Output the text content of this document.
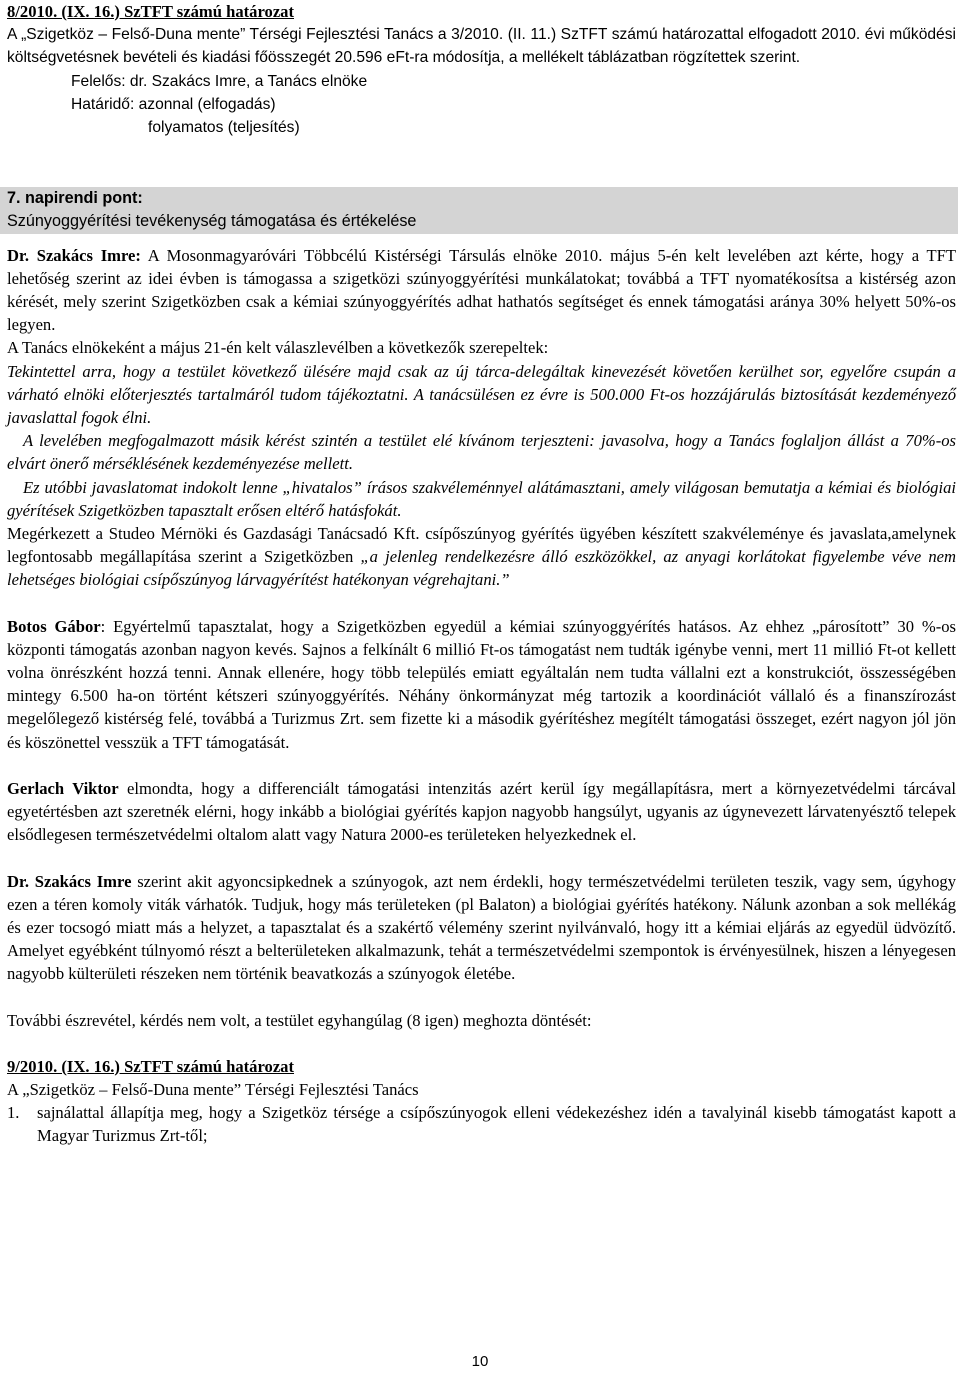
8/2010. (IX. 16.) SzTFT számú határozat

A „Szigetköz – Felső-Duna mente” Térségi Fejlesztési Tanács a 3/2010. (II. 11.) SzTFT számú határozattal elfogadott 2010. évi működési költségvetésnek bevételi és kiadási főösszegét 20.596 eFt-ra módosítja, a mellékelt táblázatban rögzítettek szerint.

Felelős: dr. Szakács Imre, a Tanács elnöke

Határidő: azonnal (elfogadás)

folyamatos (teljesítés)

7. napirendi pont:

Szúnyoggyérítési tevékenység támogatása és értékelése

Dr. Szakács Imre: A Mosonmagyaróvári Többcélú Kistérségi Társulás elnöke 2010. május 5-én kelt levelében azt kérte, hogy a TFT lehetőség szerint az idei évben is támogassa a szigetközi szúnyoggyérítési munkálatokat; továbbá a TFT nyomatékosítsa a kistérség azon kérését, mely szerint Szigetközben csak a kémiai szúnyoggyérítés adhat hathatós segítséget és ennek támogatási aránya 30% helyett 50%-os legyen.

A Tanács elnökeként a május 21-én kelt válaszlevélben a következők szerepeltek:

Tekintettel arra, hogy a testület következő ülésére majd csak az új tárca-delegáltak kinevezését követően kerülhet sor, egyelőre csupán a várható elnöki előterjesztés tartalmáról tudom tájékoztatni. A tanácsülésen ez évre is 500.000 Ft-os hozzájárulás biztosítását kezdeményező javaslattal fogok élni.

A levelében megfogalmazott másik kérést szintén a testület elé kívánom terjeszteni: javasolva, hogy a Tanács foglaljon állást a 70%-os elvárt önerő mérséklésének kezdeményezése mellett.

Ez utóbbi javaslatomat indokolt lenne „hivatalos” írásos szakvéleménnyel alátámasztani, amely világosan bemutatja a kémiai és biológiai gyérítések Szigetközben tapasztalt erősen eltérő hatásfokát.

Megérkezett a Studeo Mérnöki és Gazdasági Tanácsadó Kft. csípőszúnyog gyérítés ügyében készített szakvéleménye és javaslata,amelynek legfontosabb megállapítása szerint a Szigetközben „a jelenleg rendelkezésre álló eszközökkel, az anyagi korlátokat figyelembe véve nem lehetséges biológiai csípőszúnyog lárvagyérítést hatékonyan végrehajtani.”

Botos Gábor: Egyértelmű tapasztalat, hogy a Szigetközben egyedül a kémiai szúnyoggyérítés hatásos. Az ehhez „párosított” 30 %-os központi támogatás azonban nagyon kevés. Sajnos a felkínált 6 millió Ft-os támogatást nem tudták igénybe venni, mert 11 millió Ft-ot kellett volna önrészként hozzá tenni. Annak ellenére, hogy több település emiatt egyáltalán nem tudta vállalni ezt a konstrukciót, összességében mintegy 6.500 ha-on történt kétszeri szúnyoggyérítés. Néhány önkormányzat még tartozik a koordinációt vállaló és a finanszírozást megelőlegező kistérség felé, továbbá a Turizmus Zrt. sem fizette ki a második gyérítéshez megítélt támogatási összeget, ezért nagyon jól jön és köszönettel vesszük a TFT támogatását.

Gerlach Viktor elmondta, hogy a differenciált támogatási intenzitás azért kerül így megállapításra, mert a környezetvédelmi tárcával egyetértésben azt szeretnék elérni, hogy inkább a biológiai gyérítés kapjon nagyobb hangsúlyt, ugyanis az úgynevezett lárvatenyésztő telepek elsődlegesen természetvédelmi oltalom alatt vagy Natura 2000-es területeken helyezkednek el.

Dr. Szakács Imre szerint akit agyoncsipkednek a szúnyogok, azt nem érdekli, hogy természetvédelmi területen teszik, vagy sem, úgyhogy ezen a téren komoly viták várhatók. Tudjuk, hogy más területeken (pl Balaton) a biológiai gyérítés hatékony. Nálunk azonban a sok mellékág és ezer tocsogó miatt más a helyzet, a tapasztalat és a szakértő vélemény szerint nyilvánvaló, hogy itt a kémiai eljárás az egyedül üdvözítő. Amelyet egyébként túlnyomó részt a belterületeken alkalmazunk, tehát a természetvédelmi szempontok is érvényesülnek, hiszen a lényegesen nagyobb külterületi részeken nem történik beavatkozás a szúnyogok életébe.

További észrevétel, kérdés nem volt, a testület egyhangúlag (8 igen) meghozta döntését:

9/2010. (IX. 16.) SzTFT számú határozat

A „Szigetköz – Felső-Duna mente” Térségi Fejlesztési Tanács

1.	sajnálattal állapítja meg, hogy a Szigetköz térsége a csípőszúnyogok elleni védekezéshez idén a tavalyinál kisebb támogatást kapott a Magyar Turizmus Zrt-től;
10
